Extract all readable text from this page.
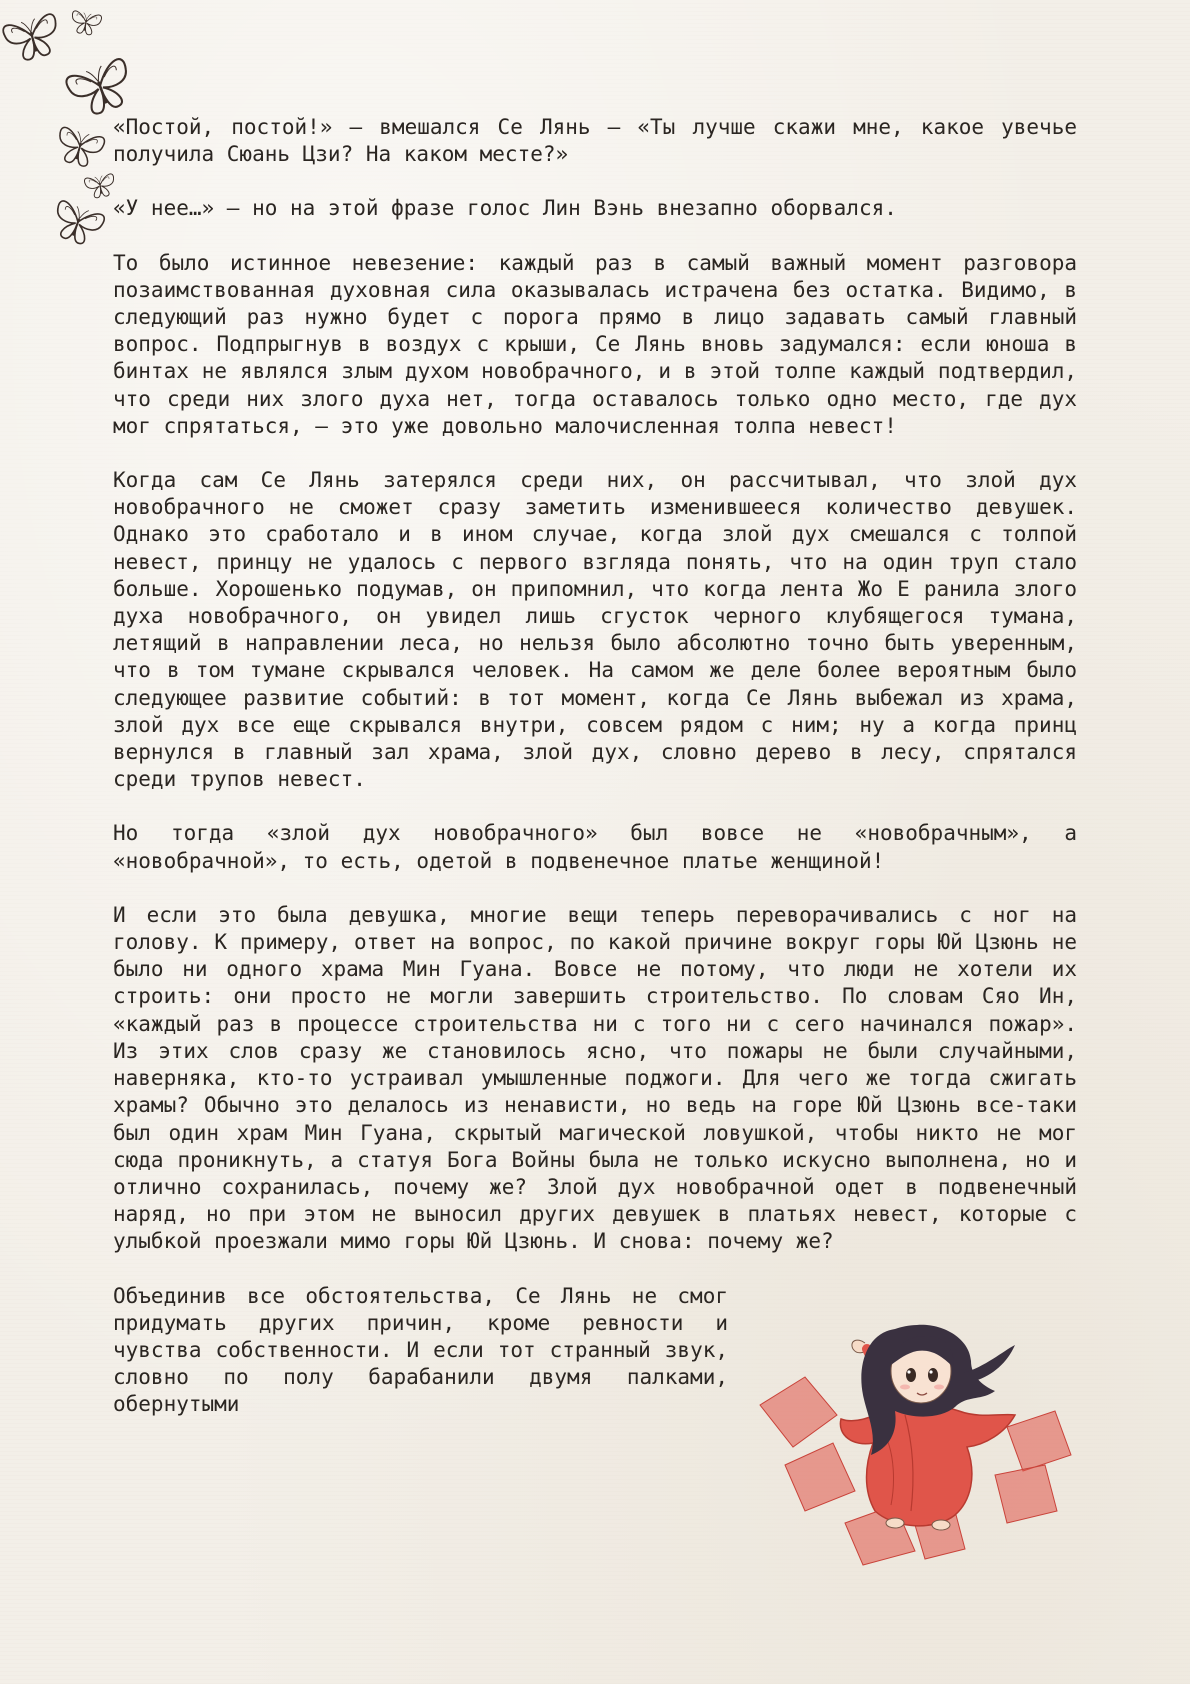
«Постой, постой!» — вмешался Се Лянь — «Ты лучше скажи мне, какое увечье получила Сюань Цзи? На каком месте?»

«У нее…» — но на этой фразе голос Лин Вэнь внезапно оборвался.

То было истинное невезение: каждый раз в самый важный момент разговора позаимствованная духовная сила оказывалась истрачена без остатка. Видимо, в следующий раз нужно будет с порога прямо в лицо задавать самый главный вопрос. Подпрыгнув в воздух с крыши, Се Лянь вновь задумался: если юноша в бинтах не являлся злым духом новобрачного, и в этой толпе каждый подтвердил, что среди них злого духа нет, тогда оставалось только одно место, где дух мог спрятаться, — это уже довольно малочисленная толпа невест!

Когда сам Се Лянь затерялся среди них, он рассчитывал, что злой дух новобрачного не сможет сразу заметить изменившееся количество девушек. Однако это сработало и в ином случае, когда злой дух смешался с толпой невест, принцу не удалось с первого взгляда понять, что на один труп стало больше. Хорошенько подумав, он припомнил, что когда лента Жо Е ранила злого духа новобрачного, он увидел лишь сгусток черного клубящегося тумана, летящий в направлении леса, но нельзя было абсолютно точно быть уверенным, что в том тумане скрывался человек. На самом же деле более вероятным было следующее развитие событий: в тот момент, когда Се Лянь выбежал из храма, злой дух все еще скрывался внутри, совсем рядом с ним; ну а когда принц вернулся в главный зал храма, злой дух, словно дерево в лесу, спрятался среди трупов невест.

Но тогда «злой дух новобрачного» был вовсе не «новобрачным», а «новобрачной», то есть, одетой в подвенечное платье женщиной!

И если это была девушка, многие вещи теперь переворачивались с ног на голову. К примеру, ответ на вопрос, по какой причине вокруг горы Юй Цзюнь не было ни одного храма Мин Гуана. Вовсе не потому, что люди не хотели их строить: они просто не могли завершить строительство. По словам Сяо Ин, «каждый раз в процессе строительства ни с того ни с сего начинался пожар». Из этих слов сразу же становилось ясно, что пожары не были случайными, наверняка, кто-то устраивал умышленные поджоги. Для чего же тогда сжигать храмы? Обычно это делалось из ненависти, но ведь на горе Юй Цзюнь все-таки был один храм Мин Гуана, скрытый магической ловушкой, чтобы никто не мог сюда проникнуть, а статуя Бога Войны была не только искусно выполнена, но и отлично сохранилась, почему же? Злой дух новобрачной одет в подвенечный наряд, но при этом не выносил других девушек в платьях невест, которые с улыбкой проезжали мимо горы Юй Цзюнь. И снова: почему же?

Объединив все обстоятельства, Се Лянь не смог придумать других причин, кроме ревности и чувства собственности. И если тот странный звук, словно по полу барабанили двумя палками, обернутыми
